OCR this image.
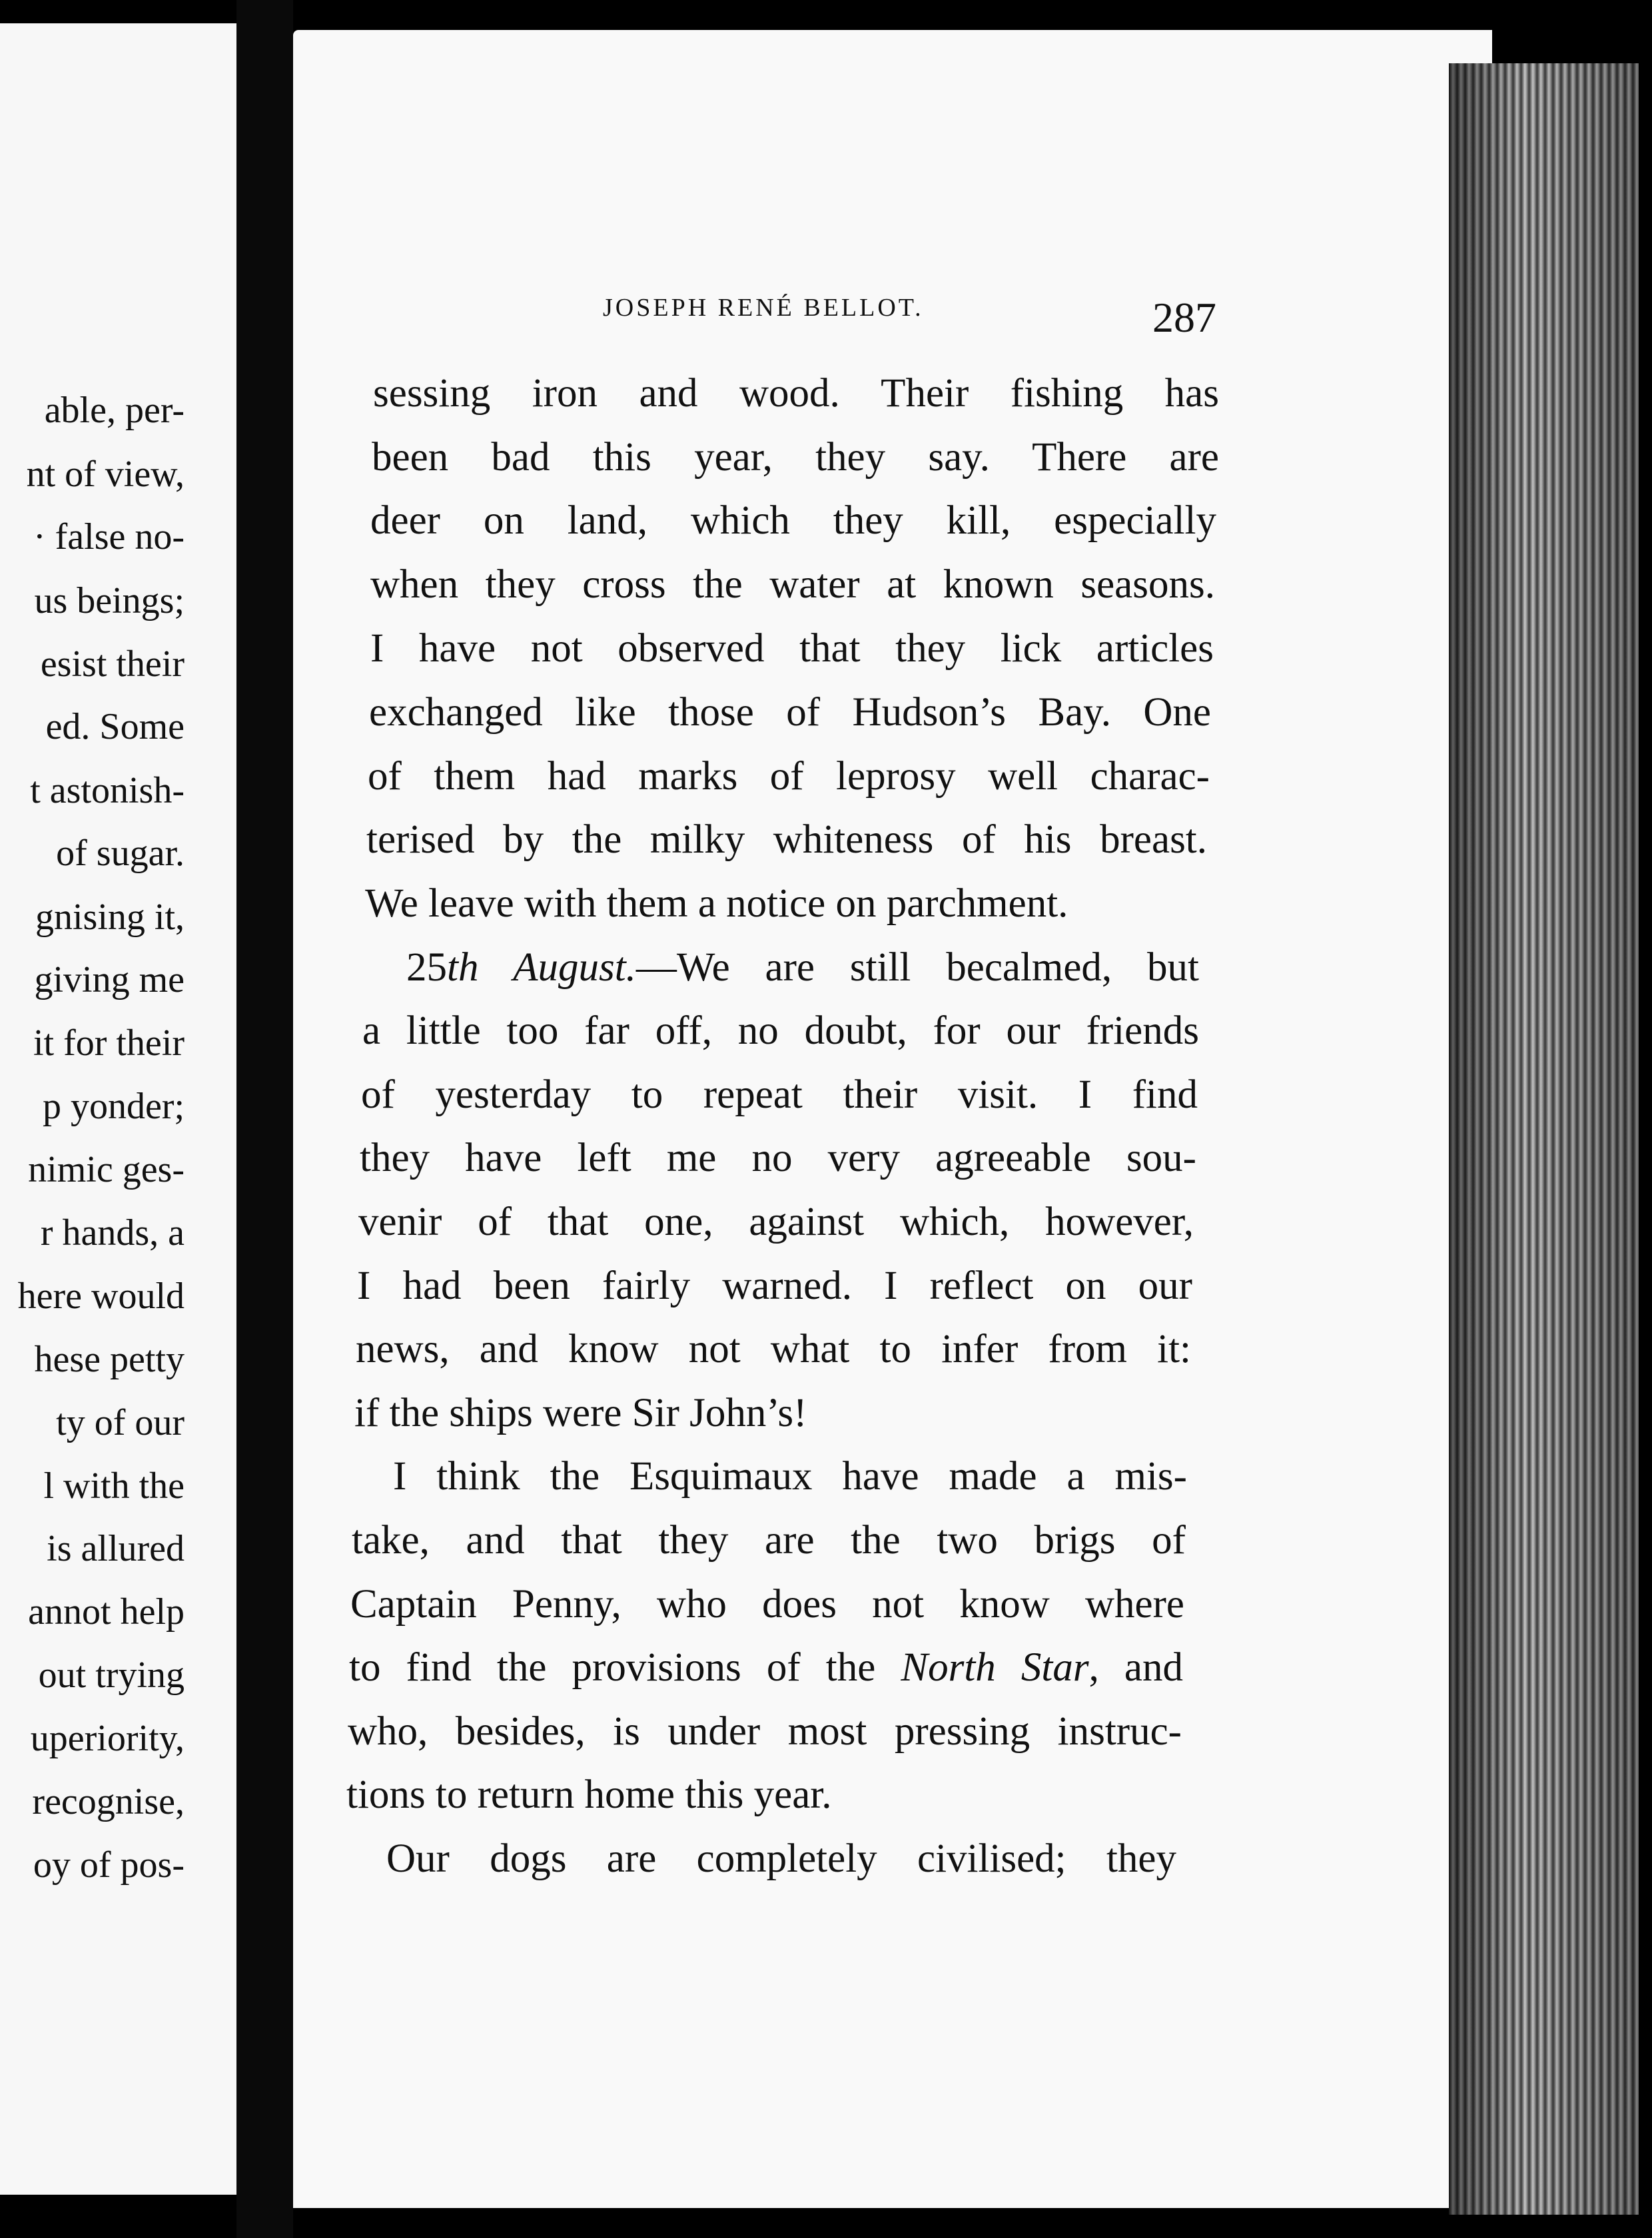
able, per-
nt of view,
· false no-
us beings;
esist their
ed. Some
t astonish-
of sugar.
gnising it,
giving me
it for their
p yonder;
nimic ges-
r hands, a
here would
hese petty
ty of our
l with the
is allured
annot help
out trying
uperiority,
recognise,
oy of pos-
JOSEPH RENÉ BELLOT.	287
sessing iron and wood. Their fishing has
been bad this year, they say. There are
deer on land, which they kill, especially
when they cross the water at known seasons.
I have not observed that they lick articles
exchanged like those of Hudson’s Bay. One
of them had marks of leprosy well charac-
terised by the milky whiteness of his breast.
We leave with them a notice on parchment.
25th August.—We are still becalmed, but
a little too far off, no doubt, for our friends
of yesterday to repeat their visit. I find
they have left me no very agreeable sou-
venir of that one, against which, however,
I had been fairly warned. I reflect on our
news, and know not what to infer from it:
if the ships were Sir John’s!
I think the Esquimaux have made a mis-
take, and that they are the two brigs of
Captain Penny, who does not know where
to find the provisions of the North Star, and
who, besides, is under most pressing instruc-
tions to return home this year.
Our dogs are completely civilised; they
